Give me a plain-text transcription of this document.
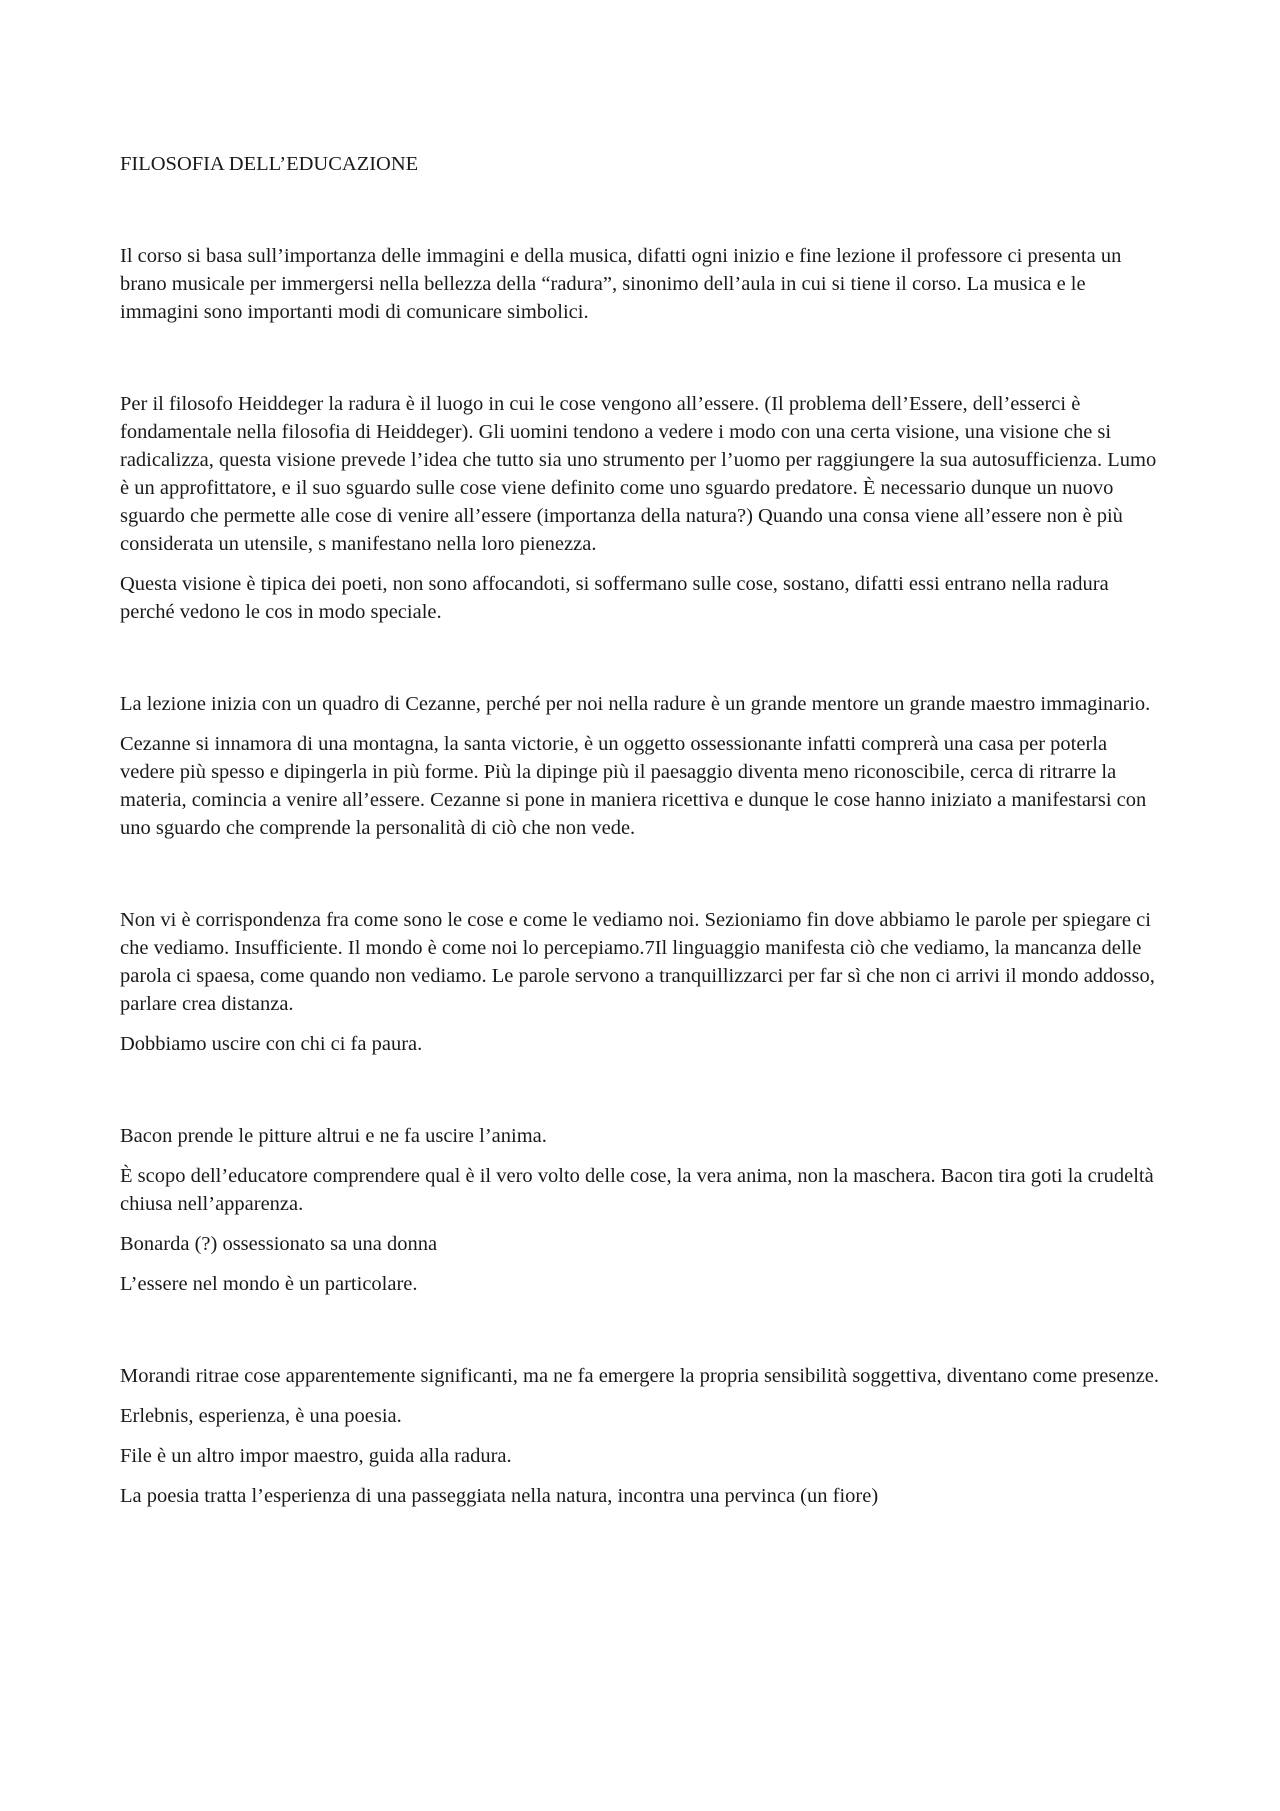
FILOSOFIA DELL’EDUCAZIONE

Il corso si basa sull’importanza delle immagini e della musica, difatti ogni inizio e fine lezione il professore ci presenta un brano musicale per immergersi nella bellezza della “radura”, sinonimo dell’aula in cui si tiene il corso. La musica e le immagini sono importanti modi di comunicare simbolici.

Per il filosofo Heiddeger la radura è il luogo in cui le cose vengono all’essere. (Il problema dell’Essere, dell’esserci è fondamentale nella filosofia di Heiddeger). Gli uomini tendono a vedere i modo con una certa visione, una visione che si radicalizza, questa visione prevede l’idea che tutto sia uno strumento per l’uomo per raggiungere la sua autosufficienza. Lumo è un approfittatore, e il suo sguardo sulle cose viene definito come uno sguardo predatore. È necessario dunque un nuovo sguardo che permette alle cose di venire all’essere (importanza della natura?) Quando una consa viene all’essere non è più considerata un utensile, s manifestano nella loro pienezza.

Questa visione è tipica dei poeti, non sono affocandoti, si soffermano sulle cose, sostano, difatti essi entrano nella radura perché vedono le cos in modo speciale.

La lezione inizia con un quadro di Cezanne, perché per noi nella radure è un grande mentore un grande maestro immaginario.

Cezanne si innamora di una montagna, la santa victorie, è un oggetto ossessionante infatti comprerà una casa per poterla vedere più spesso e dipingerla in più forme. Più la dipinge più il paesaggio diventa meno riconoscibile, cerca di ritrarre la materia, comincia a venire all’essere. Cezanne si pone in maniera ricettiva e dunque le cose hanno iniziato a manifestarsi con uno sguardo che comprende la personalità di ciò che non vede.

Non vi è corrispondenza fra come sono le cose e come le vediamo noi. Sezioniamo fin dove abbiamo le parole per spiegare ci che vediamo. Insufficiente. Il mondo è come noi lo percepiamo.7Il linguaggio manifesta ciò che vediamo, la mancanza delle parola ci spaesa, come quando non vediamo. Le parole servono a tranquillizzarci per far sì che non ci arrivi il mondo addosso, parlare crea distanza.

Dobbiamo uscire con chi ci fa paura.

Bacon prende le pitture altrui e ne fa uscire l’anima.

È scopo dell’educatore comprendere qual è il vero volto delle cose, la vera anima, non la maschera. Bacon tira goti la crudeltà chiusa nell’apparenza.

Bonarda (?) ossessionato sa una donna

L’essere nel mondo è un particolare.

Morandi ritrae cose apparentemente significanti, ma ne fa emergere la propria sensibilità soggettiva, diventano come presenze.

Erlebnis, esperienza, è una poesia.

File è un altro impor maestro, guida alla radura.

La poesia tratta l’esperienza di una passeggiata nella natura, incontra una pervinca (un fiore)
